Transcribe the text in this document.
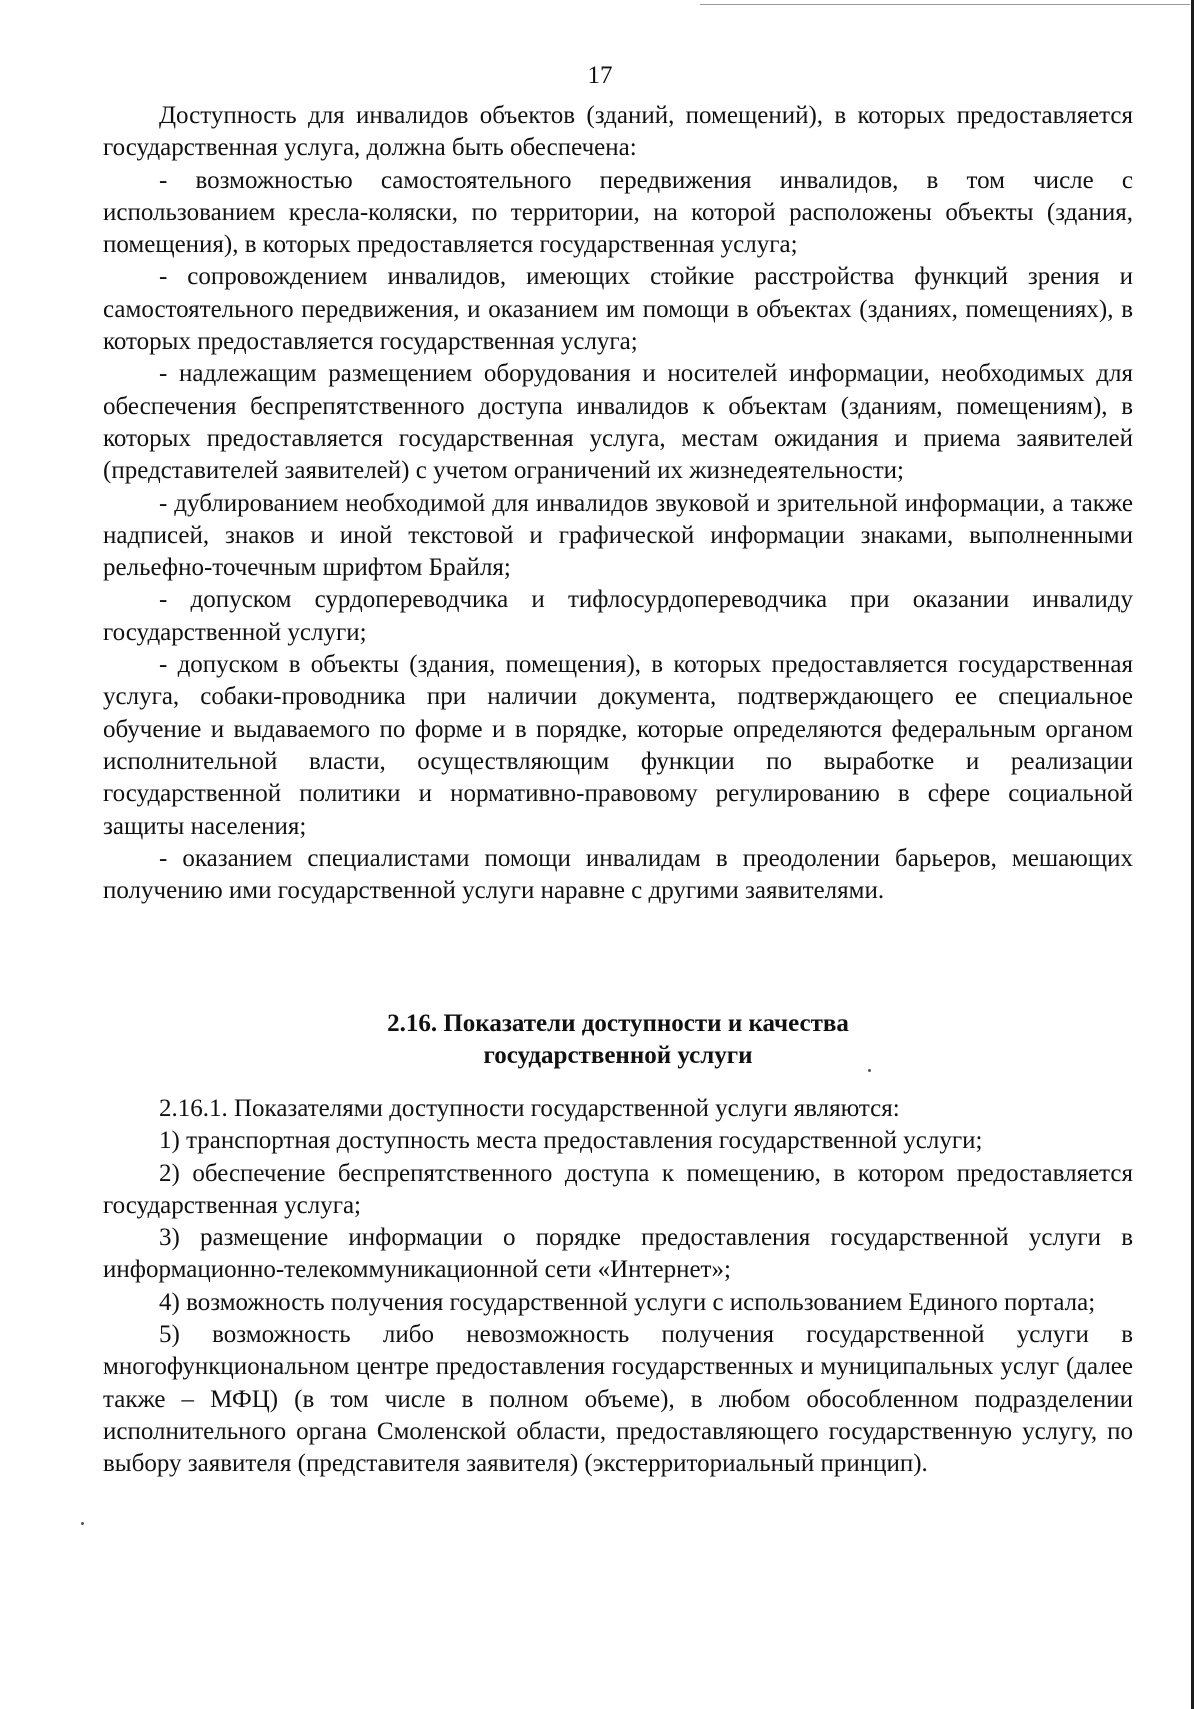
17

Доступность для инвалидов объектов (зданий, помещений), в которых предоставляется государственная услуга, должна быть обеспечена:

- возможностью самостоятельного передвижения инвалидов, в том числе с использованием кресла-коляски, по территории, на которой расположены объекты (здания, помещения), в которых предоставляется государственная услуга;

- сопровождением инвалидов, имеющих стойкие расстройства функций зрения и самостоятельного передвижения, и оказанием им помощи в объектах (зданиях, помещениях), в которых предоставляется государственная услуга;

- надлежащим размещением оборудования и носителей информации, необходимых для обеспечения беспрепятственного доступа инвалидов к объектам (зданиям, помещениям), в которых предоставляется государственная услуга, местам ожидания и приема заявителей (представителей заявителей) с учетом ограничений их жизнедеятельности;

- дублированием необходимой для инвалидов звуковой и зрительной информации, а также надписей, знаков и иной текстовой и графической информации знаками, выполненными рельефно-точечным шрифтом Брайля;

- допуском сурдопереводчика и тифлосурдопереводчика при оказании инвалиду государственной услуги;

- допуском в объекты (здания, помещения), в которых предоставляется государственная услуга, собаки-проводника при наличии документа, подтверждающего ее специальное обучение и выдаваемого по форме и в порядке, которые определяются федеральным органом исполнительной власти, осуществляющим функции по выработке и реализации государственной политики и нормативно-правовому регулированию в сфере социальной защиты населения;

- оказанием специалистами помощи инвалидам в преодолении барьеров, мешающих получению ими государственной услуги наравне с другими заявителями.

2.16. Показатели доступности и качества
государственной услуги

2.16.1. Показателями доступности государственной услуги являются:

1) транспортная доступность места предоставления государственной услуги;

2) обеспечение беспрепятственного доступа к помещению, в котором предоставляется государственная услуга;

3) размещение информации о порядке предоставления государственной услуги в информационно-телекоммуникационной сети «Интернет»;

4) возможность получения государственной услуги с использованием Единого портала;

5) возможность либо невозможность получения государственной услуги в многофункциональном центре предоставления государственных и муниципальных услуг (далее также – МФЦ) (в том числе в полном объеме), в любом обособленном подразделении исполнительного органа Смоленской области, предоставляющего государственную услугу, по выбору заявителя (представителя заявителя) (экстерриториальный принцип).
